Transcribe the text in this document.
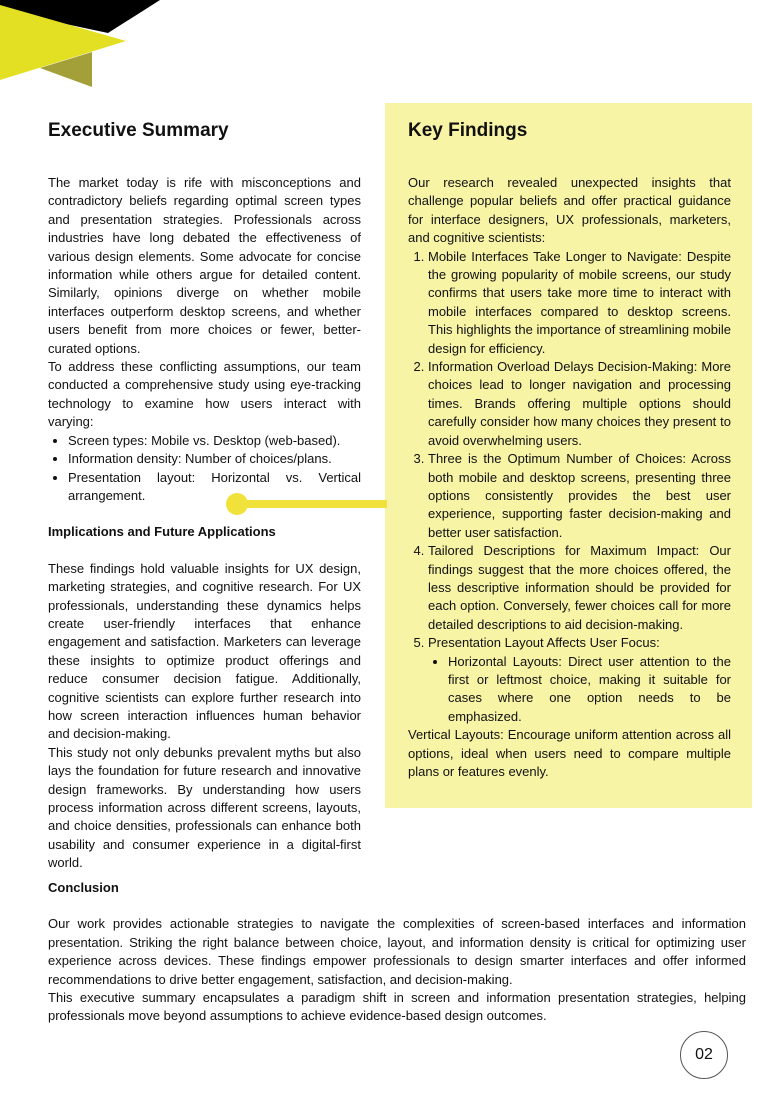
Executive Summary

The market today is rife with misconceptions and contradictory beliefs regarding optimal screen types and presentation strategies. Professionals across industries have long debated the effectiveness of various design elements. Some advocate for concise information while others argue for detailed content. Similarly, opinions diverge on whether mobile interfaces outperform desktop screens, and whether users benefit from more choices or fewer, better-curated options.

To address these conflicting assumptions, our team conducted a comprehensive study using eye-tracking technology to examine how users interact with varying:

• Screen types: Mobile vs. Desktop (web-based).
• Information density: Number of choices/plans.
• Presentation layout: Horizontal vs. Vertical arrangement.
Implications and Future Applications

These findings hold valuable insights for UX design, marketing strategies, and cognitive research. For UX professionals, understanding these dynamics helps create user-friendly interfaces that enhance engagement and satisfaction. Marketers can leverage these insights to optimize product offerings and reduce consumer decision fatigue. Additionally, cognitive scientists can explore further research into how screen interaction influences human behavior and decision-making.

This study not only debunks prevalent myths but also lays the foundation for future research and innovative design frameworks. By understanding how users process information across different screens, layouts, and choice densities, professionals can enhance both usability and consumer experience in a digital-first world.

Key Findings

Our research revealed unexpected insights that challenge popular beliefs and offer practical guidance for interface designers, UX professionals, marketers, and cognitive scientists:

1. Mobile Interfaces Take Longer to Navigate: Despite the growing popularity of mobile screens, our study confirms that users take more time to interact with mobile interfaces compared to desktop screens. This highlights the importance of streamlining mobile design for efficiency.
2. Information Overload Delays Decision-Making: More choices lead to longer navigation and processing times. Brands offering multiple options should carefully consider how many choices they present to avoid overwhelming users.
3. Three is the Optimum Number of Choices: Across both mobile and desktop screens, presenting three options consistently provides the best user experience, supporting faster decision-making and better user satisfaction.
4. Tailored Descriptions for Maximum Impact: Our findings suggest that the more choices offered, the less descriptive information should be provided for each option. Conversely, fewer choices call for more detailed descriptions to aid decision-making.
5. Presentation Layout Affects User Focus:
• Horizontal Layouts: Direct user attention to the first or leftmost choice, making it suitable for cases where one option needs to be emphasized.

Vertical Layouts: Encourage uniform attention across all options, ideal when users need to compare multiple plans or features evenly.

Conclusion

Our work provides actionable strategies to navigate the complexities of screen-based interfaces and information presentation. Striking the right balance between choice, layout, and information density is critical for optimizing user experience across devices. These findings empower professionals to design smarter interfaces and offer informed recommendations to drive better engagement, satisfaction, and decision-making.

This executive summary encapsulates a paradigm shift in screen and information presentation strategies, helping professionals move beyond assumptions to achieve evidence-based design outcomes.

02
